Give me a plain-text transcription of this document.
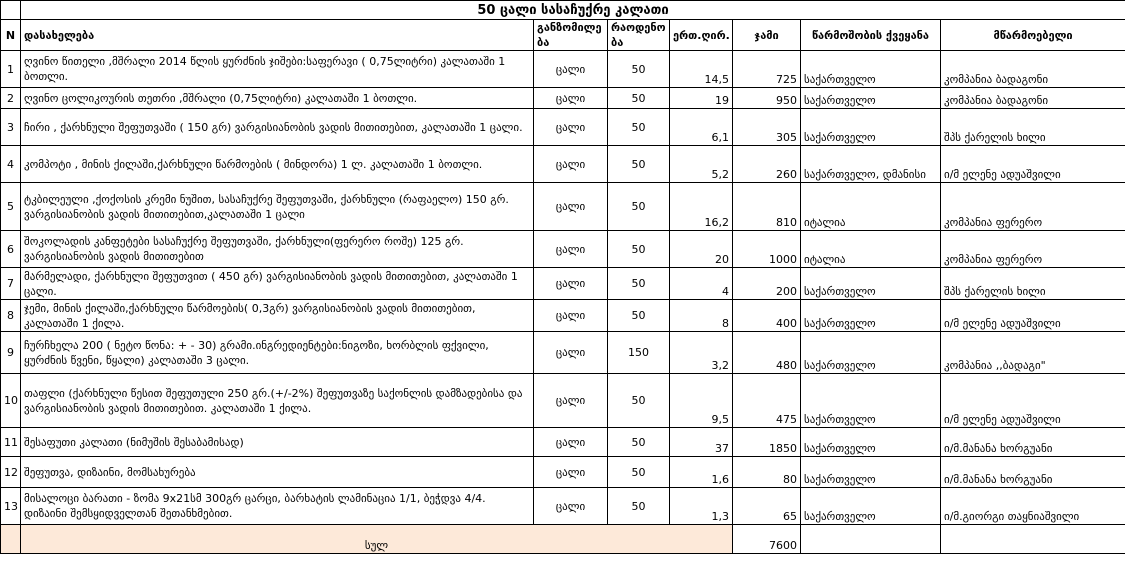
	50 ცალი სასაჩუქრე კალათი						
N	დასახელება	განზომილე ბა	რაოდენო ბა	ერთ.ღირ.	ჯამი	წარმოშობის ქვეყანა	მწარმოებელი
1	ღვინო წითელი ,მშრალი 2014 წლის ყურძნის ჯიშები:საფერავი ( 0,75ლიტრი) კალათაში 1 ბოთლი.	ცალი	50	14,5	725	საქართველო	კომპანია ბადაგონი
2	ღვინო ცოლიკოურის თეთრი ,მშრალი (0,75ლიტრი) კალათაში 1 ბოთლი.	ცალი	50	19	950	საქართველო	კომპანია ბადაგონი
3	ჩირი , ქარხნული შეფუთვაში ( 150 გრ) ვარგისიანობის ვადის მითითებით, კალათაში 1 ცალი.	ცალი	50	6,1	305	საქართველო	შპს ქარელის ხილი
4	კომპოტი , მინის ქილაში,ქარხნული წარმოების ( მინდორა) 1 ლ. კალათაში 1 ბოთლი.	ცალი	50	5,2	260	საქართველო, დმანისი	ი/მ ელენე ადუაშვილი
5	ტკბილეული ,ქოქოსის კრემი ნუშით, სასაჩუქრე შეფუთვაში, ქარხნული (რაფაელო) 150 გრ. ვარგისიანობის ვადის მითითებით,კალათაში 1 ცალი	ცალი	50	16,2	810	იტალია	კომპანია ფერერო
6	შოკოლადის კანფეტები სასაჩუქრე შეფუთვაში, ქარხნული(ფერერო როშე) 125 გრ. ვარგისიანობის ვადის მითითებით	ცალი	50	20	1000	იტალია	კომპანია ფერერო
7	მარმელადი, ქარხნული შეფუთვით ( 450 გრ) ვარგისიანობის ვადის მითითებით, კალათაში 1 ცალი.	ცალი	50	4	200	საქართველო	შპს ქარელის ხილი
8	ჯემი, მინის ქილაში,ქარხნული წარმოების( 0,3გრ) ვარგისიანობის ვადის მითითებით, კალათაში 1 ქილა.	ცალი	50	8	400	საქართველო	ი/მ ელენე ადუაშვილი
9	ჩურჩხელა 200 ( ნეტო წონა: + - 30) გრამი.ინგრედიენტები:ნიგოზი, ხორბლის ფქვილი, ყურძნის წვენი, წყალი) კალათაში 3 ცალი.	ცალი	150	3,2	480	საქართველო	კომპანია ,,ბადაგი"
10	თაფლი (ქარხნული წესით შეფუთული 250 გრ.(+/-2%) შეფუთვაზე საქონლის დამზადებისა და ვარგისიანობის ვადის მითითებით. კალათაში 1 ქილა.	ცალი	50	9,5	475	საქართველო	ი/მ ელენე ადუაშვილი
11	შესაფუთი კალათი (ნიმუშის შესაბამისად)	ცალი	50	37	1850	საქართველო	ი/მ.მანანა ხორგუანი
12	შეფუთვა, დიზაინი, მომსახურება	ცალი	50	1,6	80	საქართველო	ი/მ.მანანა ხორგუანი
13	მისალოცი ბარათი - ზომა 9x21სმ 300გრ ცარცი, ბარხატის ლამინაცია 1/1, ბეჭდვა 4/4. დიზაინი შემსყიდველთან შეთანხმებით.	ცალი	50	1,3	65	საქართველო	ი/მ.გიორგი თაყნიაშვილი
	სულ				7600		
